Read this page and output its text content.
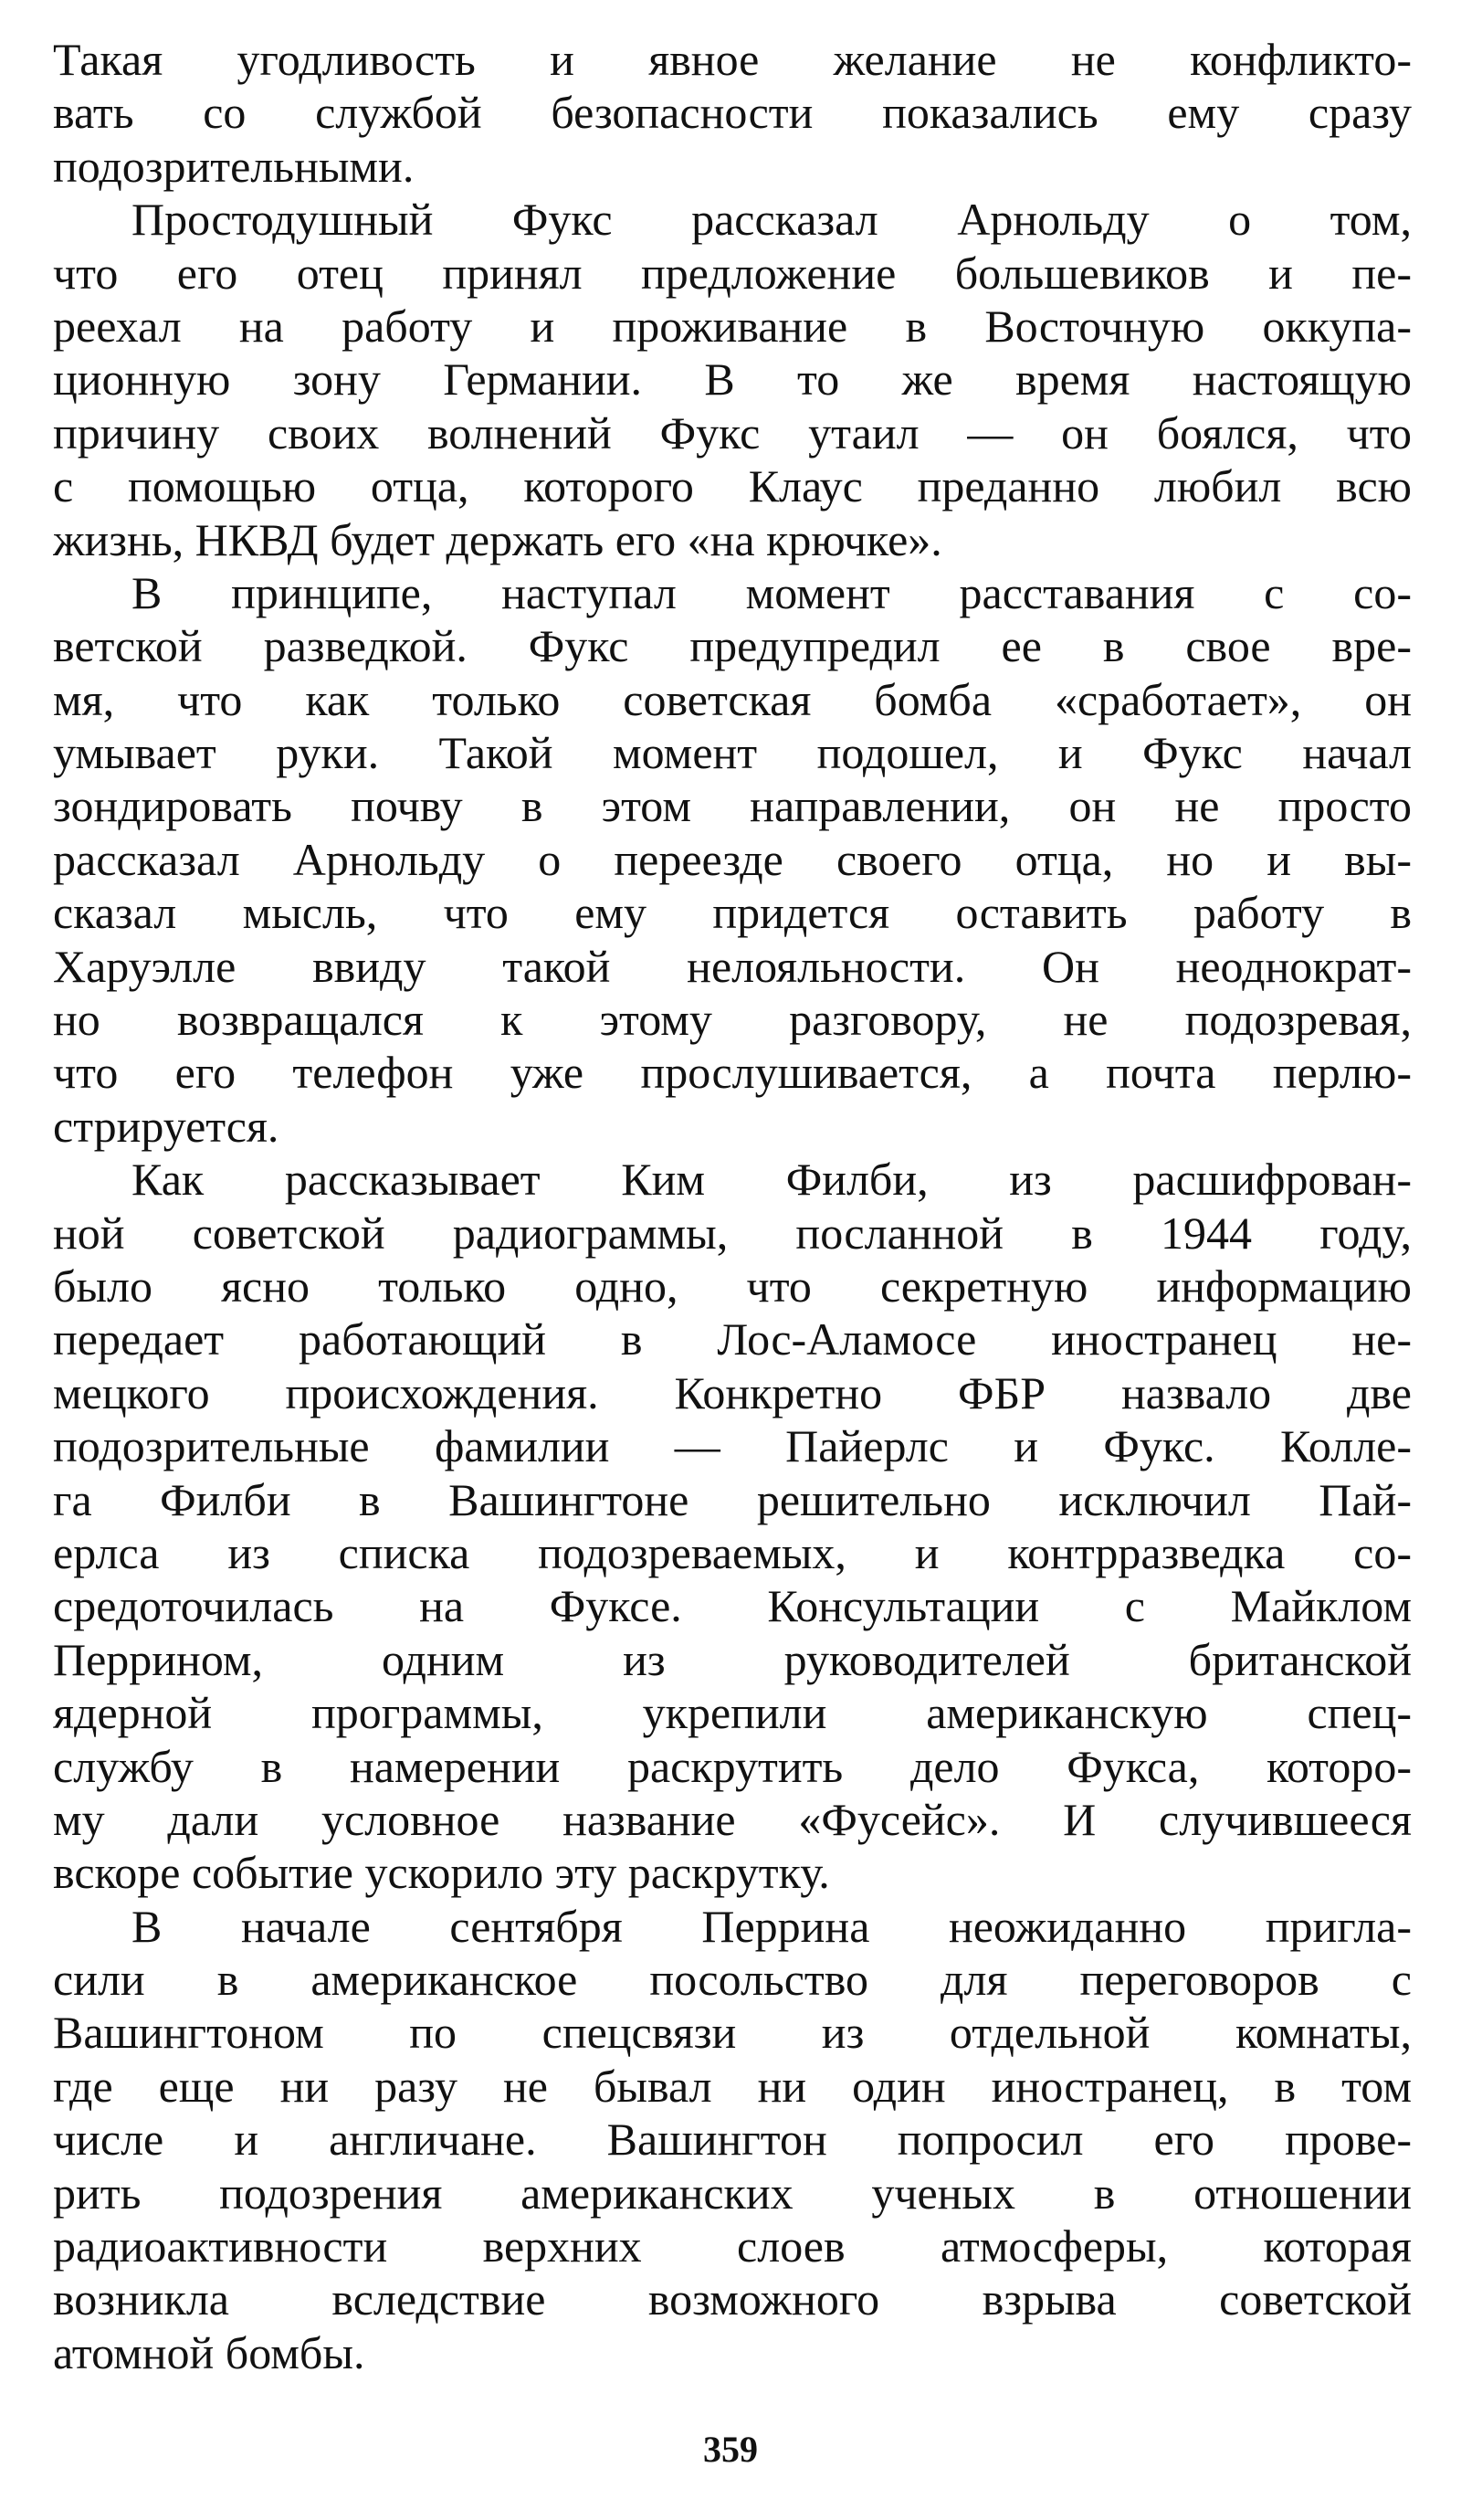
Такая угодливость и явное желание не конфликто-
вать со службой безопасности показались ему сразу
подозрительными.
Простодушный Фукс рассказал Арнольду о том,
что его отец принял предложение большевиков и пе-
реехал на работу и проживание в Восточную оккупа-
ционную зону Германии. В то же время настоящую
причину своих волнений Фукс утаил — он боялся, что
с помощью отца, которого Клаус преданно любил всю
жизнь, НКВД будет держать его «на крючке».
В принципе, наступал момент расставания с со-
ветской разведкой. Фукс предупредил ее в свое вре-
мя, что как только советская бомба «сработает», он
умывает руки. Такой момент подошел, и Фукс начал
зондировать почву в этом направлении, он не просто
рассказал Арнольду о переезде своего отца, но и вы-
сказал мысль, что ему придется оставить работу в
Харуэлле ввиду такой нелояльности. Он неоднократ-
но возвращался к этому разговору, не подозревая,
что его телефон уже прослушивается, а почта перлю-
стрируется.
Как рассказывает Ким Филби, из расшифрован-
ной советской радиограммы, посланной в 1944 году,
было ясно только одно, что секретную информацию
передает работающий в Лос-Аламосе иностранец не-
мецкого происхождения. Конкретно ФБР назвало две
подозрительные фамилии — Пайерлс и Фукс. Колле-
га Филби в Вашингтоне решительно исключил Пай-
ерлса из списка подозреваемых, и контрразведка со-
средоточилась на Фуксе. Консультации с Майклом
Перрином, одним из руководителей британской
ядерной программы, укрепили американскую спец-
службу в намерении раскрутить дело Фукса, которо-
му дали условное название «Фусейс». И случившееся
вскоре событие ускорило эту раскрутку.
В начале сентября Перрина неожиданно пригла-
сили в американское посольство для переговоров с
Вашингтоном по спецсвязи из отдельной комнаты,
где еще ни разу не бывал ни один иностранец, в том
числе и англичане. Вашингтон попросил его прове-
рить подозрения американских ученых в отношении
радиоактивности верхних слоев атмосферы, которая
возникла вследствие возможного взрыва советской
атомной бомбы.
359
